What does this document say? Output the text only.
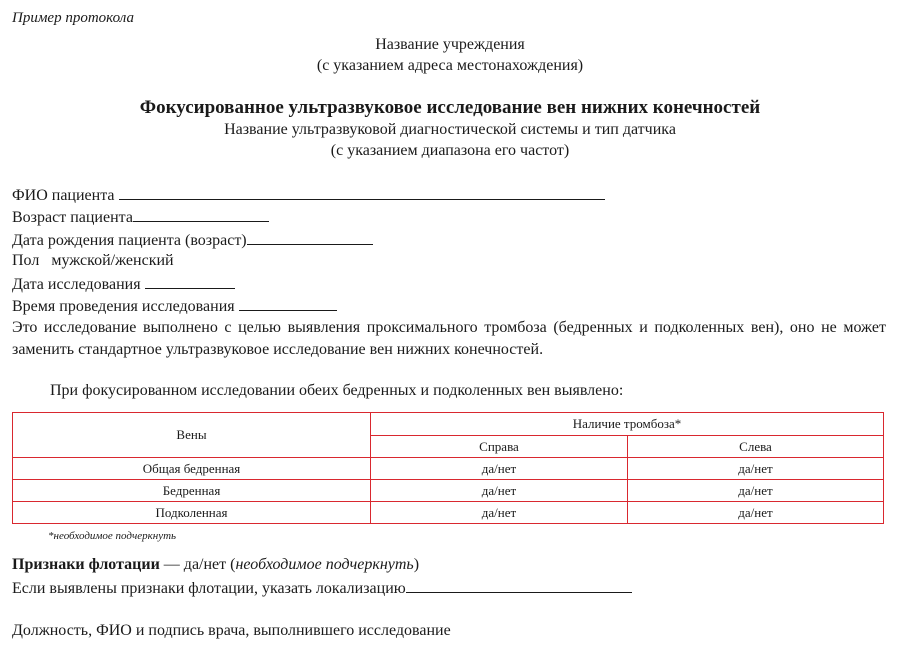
Пример протокола
Название учреждения
(с указанием адреса местонахождения)
Фокусированное ультразвуковое исследование вен нижних конечностей
Название ультразвуковой диагностической системы и тип датчика
(с указанием диапазона его частот)
ФИО пациента
Возраст пациента
Дата рождения пациента (возраст)
Пол мужской/женский
Дата исследования
Время проведения исследования
Это исследование выполнено с целью выявления проксимального тромбоза (бедренных и подколенных вен), оно не может заменить стандартное ультразвуковое исследование вен нижних конечностей.
При фокусированном исследовании обеих бедренных и подколенных вен выявлено:
Вены	Наличие тромбоза*	
	Справа	Слева
Общая бедренная	да/нет	да/нет
Бедренная	да/нет	да/нет
Подколенная	да/нет	да/нет
*необходимое подчеркнуть
Признаки флотации — да/нет (необходимое подчеркнуть)
Если выявлены признаки флотации, указать локализацию
Должность, ФИО и подпись врача, выполнившего исследование
